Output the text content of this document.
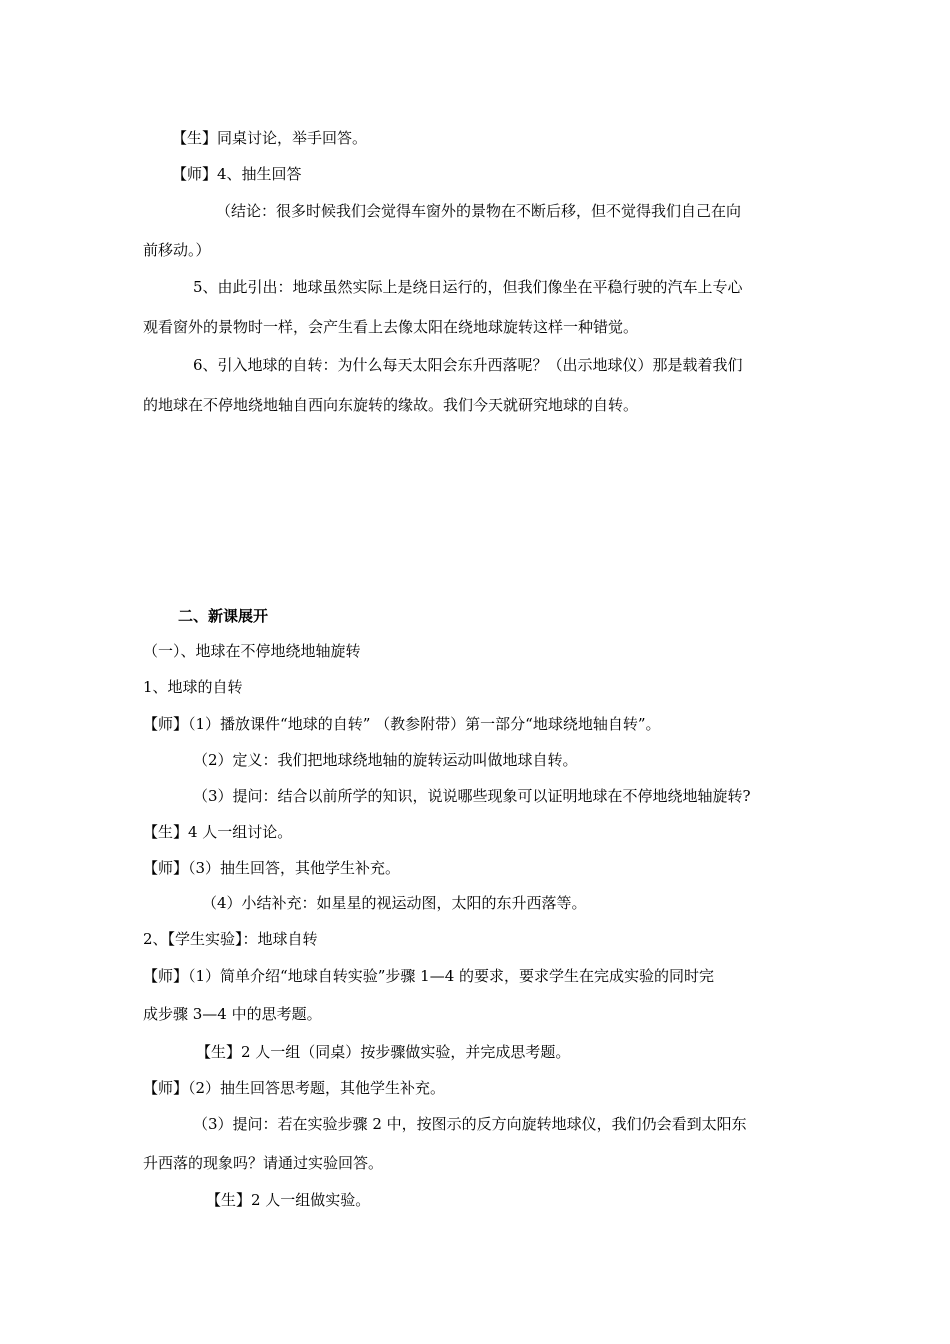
【生】同桌讨论，举手回答。
【师】4、抽生回答
（结论：很多时候我们会觉得车窗外的景物在不断后移，但不觉得我们自己在向
前移动。）
5、由此引出：地球虽然实际上是绕日运行的，但我们像坐在平稳行驶的汽车上专心
观看窗外的景物时一样，会产生看上去像太阳在绕地球旋转这样一种错觉。
6、引入地球的自转：为什么每天太阳会东升西落呢？（出示地球仪）那是载着我们
的地球在不停地绕地轴自西向东旋转的缘故。我们今天就研究地球的自转。
二、新课展开
（一）、地球在不停地绕地轴旋转
1、地球的自转
【师】（1）播放课件“地球的自转” （教参附带）第一部分“地球绕地轴自转”。
（2）定义：我们把地球绕地轴的旋转运动叫做地球自转。
（3）提问：结合以前所学的知识，说说哪些现象可以证明地球在不停地绕地轴旋转?
【生】4 人一组讨论。
【师】（3）抽生回答，其他学生补充。
（4）小结补充：如星星的视运动图，太阳的东升西落等。
2、【学生实验】：地球自转
【师】（1）简单介绍“地球自转实验”步骤 1—4 的要求，要求学生在完成实验的同时完
成步骤 3—4 中的思考题。
【生】2 人一组（同桌）按步骤做实验，并完成思考题。
【师】（2）抽生回答思考题，其他学生补充。
（3）提问：若在实验步骤 2 中，按图示的反方向旋转地球仪，我们仍会看到太阳东
升西落的现象吗？请通过实验回答。
【生】2 人一组做实验。
